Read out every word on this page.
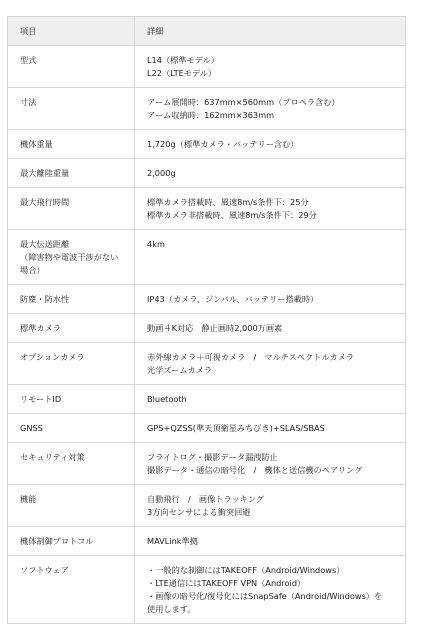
項目	詳細

型式	L14（標準モデル）
L22（LTEモデル）

寸法	アーム展開時：637mm×560mm（プロペラ含む）
アーム収納時：162mm×363mm

機体重量	1,720g（標準カメラ・バッテリー含む）

最大離陸重量	2,000g

最大飛行時間	標準カメラ搭載時、風速8m/s条件下：25分
標準カメラ非搭載時、風速8m/s条件下：29分

最大伝送距離
（障害物や電波干渉がない
場合）	4km

防塵・防水性	IP43（カメラ、ジンバル、バッテリー搭載時）

標準カメラ	動画４K対応　静止画時2,000万画素

オプションカメラ	赤外線カメラ＋可視カメラ　/　マルチスペクトルカメラ
光学ズームカメラ

リモートID	Bluetooth

GNSS	GPS+QZSS(準天頂衛星みちびき)+SLAS/SBAS

セキュリティ対策	フライトログ・撮影データ漏洩防止
撮影データ・通信の暗号化　/　機体と送信機のペアリング

機能	自動飛行　/　画像トラッキング
3方向センサによる衝突回避

機体制御プロトコル	MAVLink準拠

ソフトウェア	・一般的な制御にはTAKEOFF（Android/Windows）
・LTE通信にはTAKEOFF VPN（Android）
・画像の暗号化/復号化にはSnapSafe（Android/Windows）を
使用します。
